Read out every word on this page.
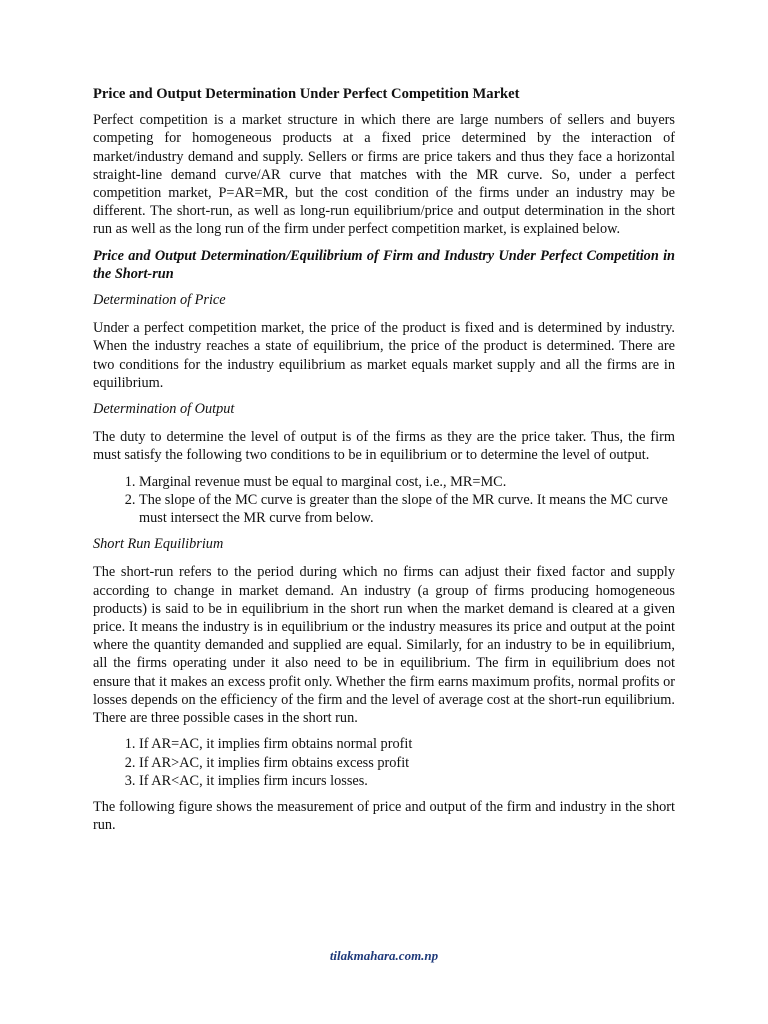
Price and Output Determination Under Perfect Competition Market

Perfect competition is a market structure in which there are large numbers of sellers and buyers competing for homogeneous products at a fixed price determined by the interaction of market/industry demand and supply. Sellers or firms are price takers and thus they face a horizontal straight-line demand curve/AR curve that matches with the MR curve. So, under a perfect competition market, P=AR=MR, but the cost condition of the firms under an industry may be different. The short-run, as well as long-run equilibrium/price and output determination in the short run as well as the long run of the firm under perfect competition market, is explained below.

Price and Output Determination/Equilibrium of Firm and Industry Under Perfect Competition in the Short-run
Determination of Price

Under a perfect competition market, the price of the product is fixed and is determined by industry. When the industry reaches a state of equilibrium, the price of the product is determined. There are two conditions for the industry equilibrium as market equals market supply and all the firms are in equilibrium.

Determination of Output

The duty to determine the level of output is of the firms as they are the price taker. Thus, the firm must satisfy the following two conditions to be in equilibrium or to determine the level of output.

1. Marginal revenue must be equal to marginal cost, i.e., MR=MC.
2. The slope of the MC curve is greater than the slope of the MR curve. It means the MC curve must intersect the MR curve from below.
Short Run Equilibrium

The short-run refers to the period during which no firms can adjust their fixed factor and supply according to change in market demand. An industry (a group of firms producing homogeneous products) is said to be in equilibrium in the short run when the market demand is cleared at a given price. It means the industry is in equilibrium or the industry measures its price and output at the point where the quantity demanded and supplied are equal. Similarly, for an industry to be in equilibrium, all the firms operating under it also need to be in equilibrium. The firm in equilibrium does not ensure that it makes an excess profit only. Whether the firm earns maximum profits, normal profits or losses depends on the efficiency of the firm and the level of average cost at the short-run equilibrium. There are three possible cases in the short run.

1. If AR=AC, it implies firm obtains normal profit
2. If AR>AC, it implies firm obtains excess profit
3. If AR<AC, it implies firm incurs losses.

The following figure shows the measurement of price and output of the firm and industry in the short run.

tilakmahara.com.np
